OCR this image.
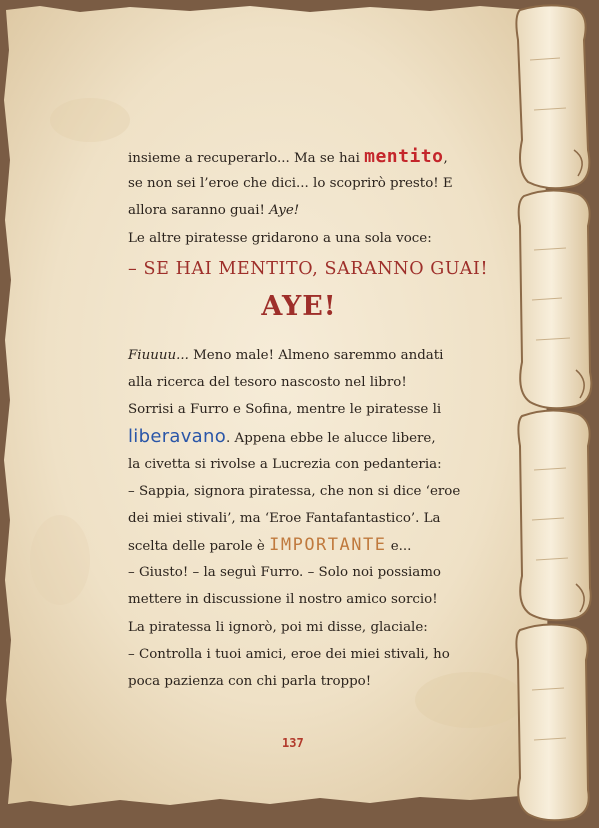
insieme a recuperarlo... Ma se hai mentito,
se non sei l’eroe che dici... lo scoprirò presto! E
allora saranno guai! Aye!
Le altre piratesse gridarono a una sola voce:
– SE HAI MENTITO, SARANNO GUAI!
AYE!
Fiuuuu... Meno male! Almeno saremmo andati
alla ricerca del tesoro nascosto nel libro!
Sorrisi a Furro e Sofina, mentre le piratesse li
liberavano. Appena ebbe le alucce libere,
la civetta si rivolse a Lucrezia con pedanteria:
– Sappia, signora piratessa, che non si dice ‘eroe
dei miei stivali’, ma ‘Eroe Fantafantastico’. La
scelta delle parole è IMPORTANTE e...
– Giusto! – la seguì Furro. – Solo noi possiamo
mettere in discussione il nostro amico sorcio!
La piratessa li ignorò, poi mi disse, glaciale:
– Controlla i tuoi amici, eroe dei miei stivali, ho
poca pazienza con chi parla troppo!
137
